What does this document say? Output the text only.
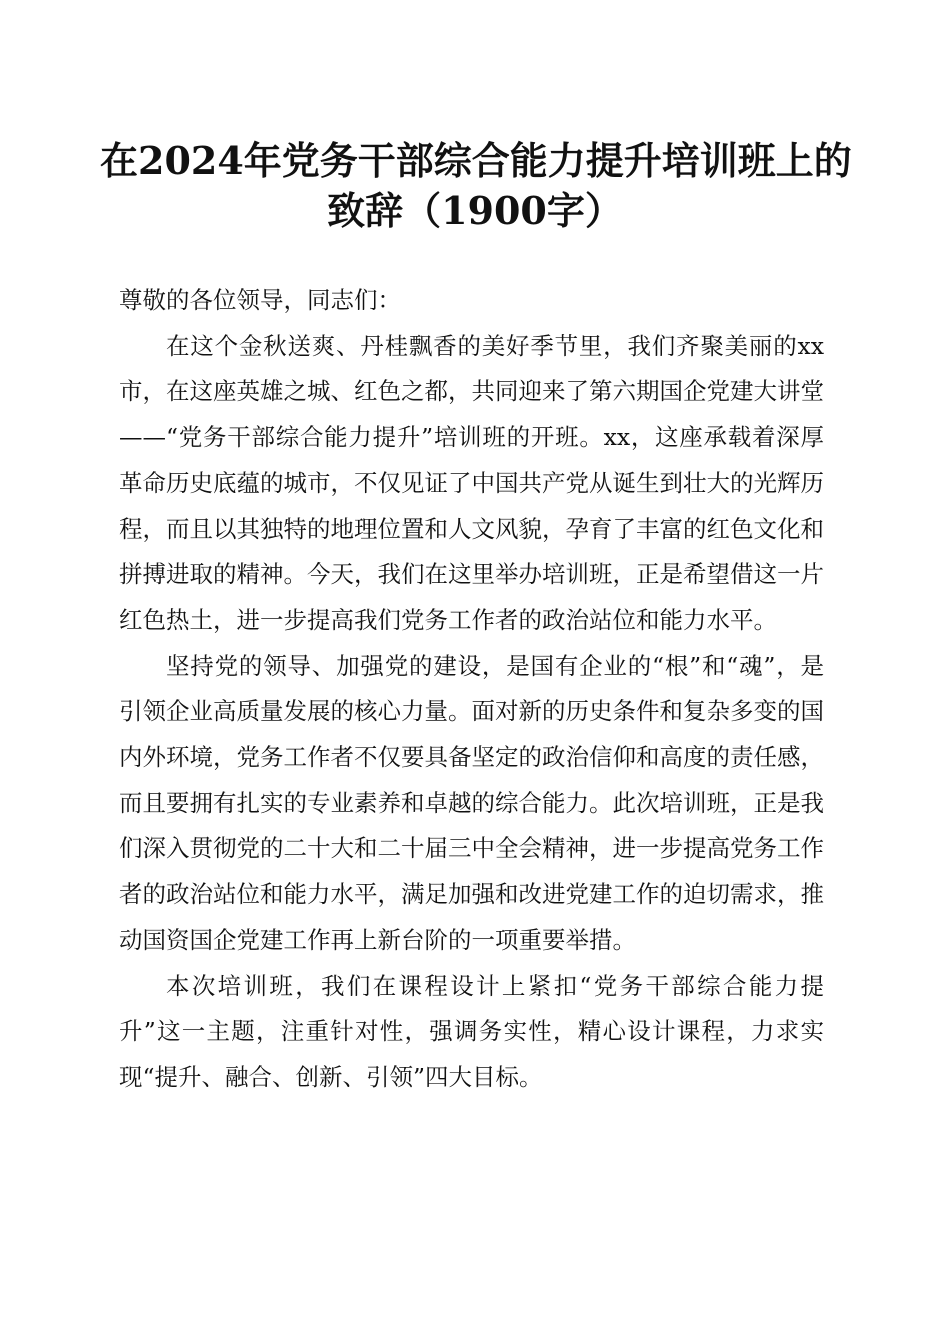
在2024年党务干部综合能力提升培训班上的
致辞（1900字）

尊敬的各位领导，同志们：

在这个金秋送爽、丹桂飘香的美好季节里，我们齐聚美丽的xx市，在这座英雄之城、红色之都，共同迎来了第六期国企党建大讲堂——“党务干部综合能力提升”培训班的开班。xx，这座承载着深厚革命历史底蕴的城市，不仅见证了中国共产党从诞生到壮大的光辉历程，而且以其独特的地理位置和人文风貌，孕育了丰富的红色文化和拼搏进取的精神。今天，我们在这里举办培训班，正是希望借这一片红色热土，进一步提高我们党务工作者的政治站位和能力水平。

坚持党的领导、加强党的建设，是国有企业的“根”和“魂”，是引领企业高质量发展的核心力量。面对新的历史条件和复杂多变的国内外环境，党务工作者不仅要具备坚定的政治信仰和高度的责任感，而且要拥有扎实的专业素养和卓越的综合能力。此次培训班，正是我们深入贯彻党的二十大和二十届三中全会精神，进一步提高党务工作者的政治站位和能力水平，满足加强和改进党建工作的迫切需求，推动国资国企党建工作再上新台阶的一项重要举措。

本次培训班，我们在课程设计上紧扣“党务干部综合能力提升”这一主题，注重针对性，强调务实性，精心设计课程，力求实现“提升、融合、创新、引领”四大目标。
